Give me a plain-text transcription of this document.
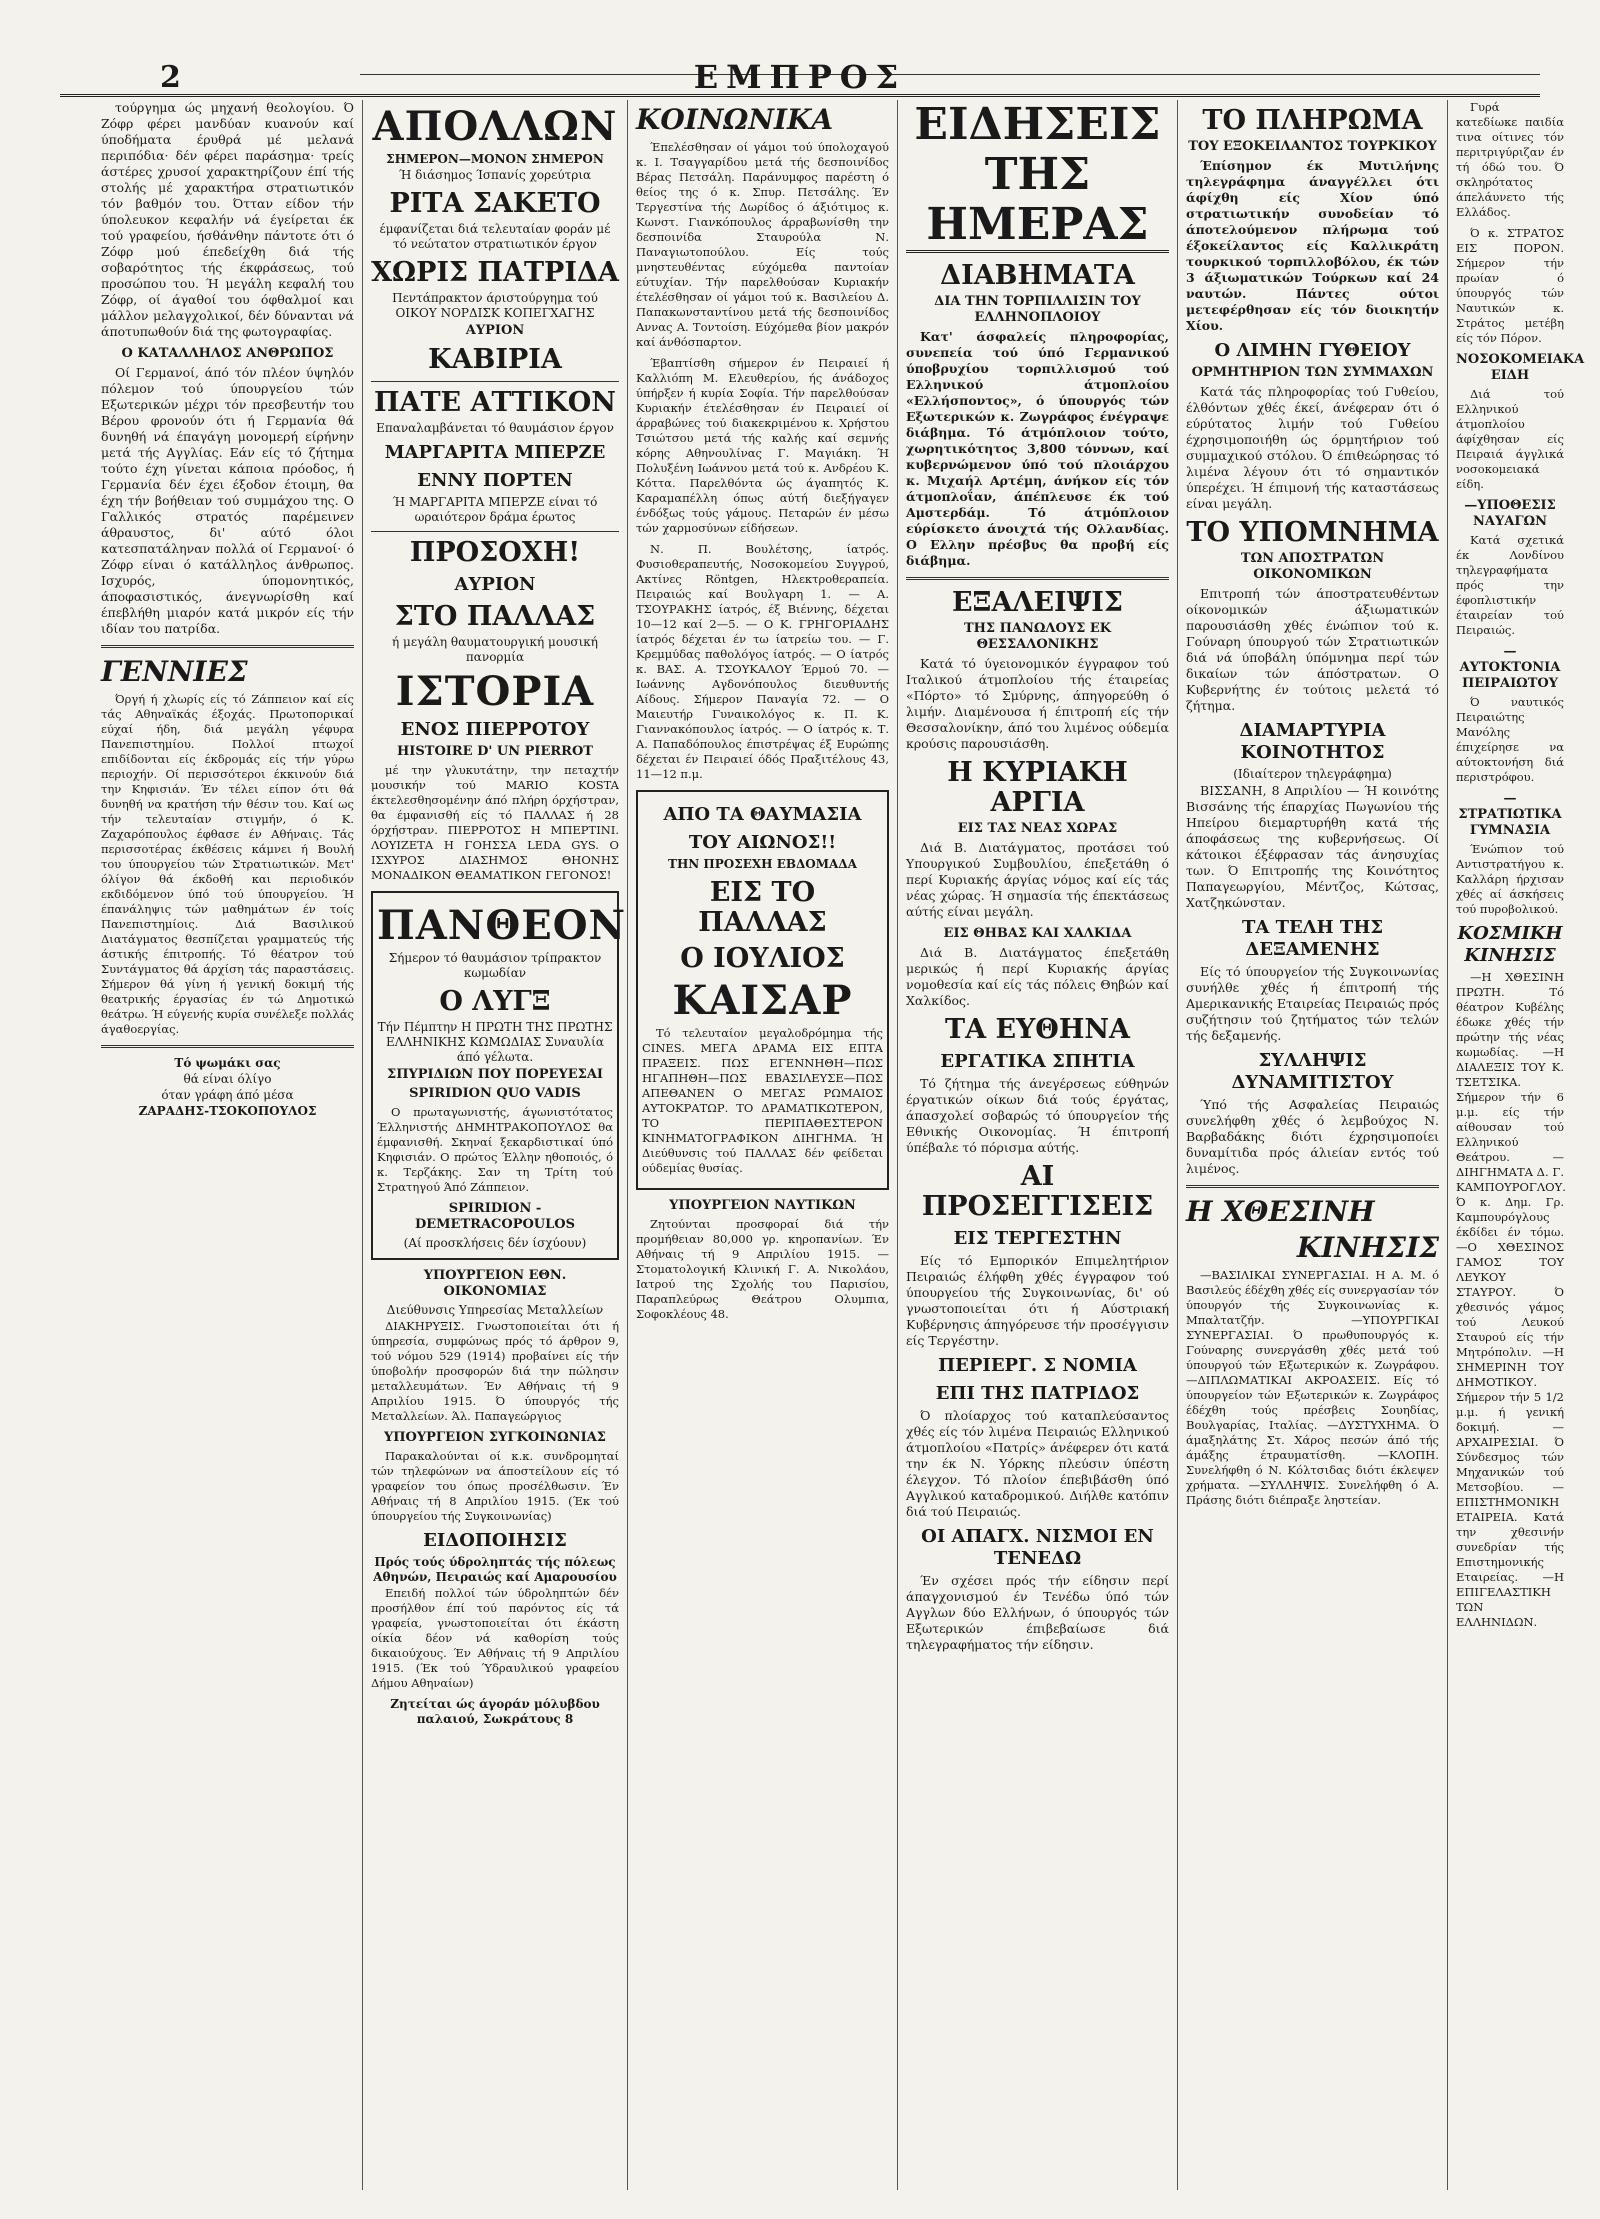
2	ΕΜΠΡΟΣ

τούργημα ώς μηχανή θεολογίου. Ό Ζόφρ φέρει μανδύαν κυανούν καί ύποδήματα έρυθρά μέ μελανά περιπόδια· δέν φέρει παράσημα· τρείς άστέρες χρυσοί χαρακτηρίζουν έπί τής στολής μέ χαρακτήρα στρατιωτικόν τόν βαθμόν του. Ότταν είδον τήν ύπολευκον κεφαλήν νά έγείρεται έκ τού γραφείου, ήσθάνθην πάντοτε ότι ό Ζόφρ μού έπεδείχθη διά τής σοβαρότητος τής έκφράσεως, τού προσώπου του. Ή μεγάλη κεφαλή του Ζόφρ, οί άγαθοί του όφθαλμοί και μάλλον μελαγχολικοί, δέν δύνανται νά άποτυπωθούν διά της φωτογραφίας.

Ο ΚΑΤΑΛΛΗΛΟΣ ΑΝΘΡΩΠΟΣ

Οί Γερμανοί, άπό τόν πλέον ύψηλόν πόλεμον τού ύπουργείου τών Εξωτερικών μέχρι τόν πρεσβευτήν του Βέρου φρονούν ότι ή Γερμανία θά δυνηθή νά έπαγάγη μονομερή είρήνην μετά τής Αγγλίας. Εάν είς τό ζήτημα τούτο έχη γίνεται κάποια πρόοδος, ή Γερμανία δέν έχει έξοδον έτοιμη, θα έχη τήν βοήθειαν τού συμμάχου της. Ο Γαλλικός στρατός παρέμεινεν άθραυστος, δι' αύτό όλοι κατεσπατάληναν πολλά οί Γερμανοί· ό Ζόφρ είναι ό κατάλληλος άνθρωπος. Ισχυρός, ύπομονητικός, άποφασιστικός, άνεγνωρίσθη καί έπεβλήθη μιαρόν κατά μικρόν είς τήν ιδίαν του πατρίδα.

ΓΕΝΝΙΕΣ

Όργή ή χλωρίς είς τό Ζάππειον καί είς τάς Αθηναϊκάς έξοχάς. Πρωτοπορικαί εύχαί ήδη, διά μεγάλη γέφυρα Πανεπιστημίου. Πολλοί πτωχοί επιδίδονται είς έκδρομάς είς τήν γύρω περιοχήν. Οί περισσότεροι έκκινούν διά την Κηφισιάν. Έν τέλει είπον ότι θά δυνηθή να κρατήση τήν θέσιν του. Καί ως τήν τελευταίαν στιγμήν, ό Κ. Ζαχαρόπουλος έφθασε έν Αθήναις. Τάς περισσοτέρας έκθέσεις κάμνει ή Βουλή του ύπουργείου τών Στρατιωτικών. Μετ' όλίγον θά έκδοθή και περιοδικόν εκδιδόμενον ύπό τού ύπουργείου. Ή έπανάληψις τών μαθημάτων έν τοίς Πανεπιστημίοις. Διά Βασιλικού Διατάγματος θεσπίζεται γραμματεύς τής άστικής έπιτροπής. Τό θέατρον τού Συντάγματος θά άρχίση τάς παραστάσεις. Σήμερον θά γίνη ή γενική δοκιμή τής θεατρικής έργασίας έν τώ Δημοτικώ θεάτρω. Ή εύγενής κυρία συνέλεξε πολλάς άγαθοεργίας.

Τό ψωμάκι σας
θά είναι όλίγο
όταν γράφη άπό μέσα
ΖΑΡΑΔΗΣ-ΤΣΟΚΟΠΟΥΛΟΣ
ΑΠΟΛΛΩΝ
ΣΗΜΕΡΟΝ—ΜΟΝΟΝ ΣΗΜΕΡΟΝ
Ή διάσημος Ίσπανίς χορεύτρια
ΡΙΤΑ ΣΑΚΕΤΟ
έμφανίζεται διά τελευταίαν φοράν μέ τό νεώτατον στρατιωτικόν έργον
ΧΩΡΙΣ ΠΑΤΡΙΔΑ
Πεντάπρακτον άριστούργημα τού ΟΙΚΟΥ ΝΟΡΔΙΣΚ ΚΟΠΕΓΧΑΓΗΣ
ΑΥΡΙΟΝ
ΚΑΒΙΡΙΑ
ΠΑΤΕ ΑΤΤΙΚΟΝ
Επαναλαμβάνεται τό θαυμάσιον έργον
ΜΑΡΓΑΡΙΤΑ ΜΠΕΡΖΕ
ΕΝΝΥ ΠΟΡΤΕΝ
Ή ΜΑΡΓΑΡΙΤΑ ΜΠΕΡΖΕ είναι τό ωραιότερον δράμα έρωτος
ΠΡΟΣΟΧΗ!
ΑΥΡΙΟΝ
ΣΤΟ ΠΑΛΛΑΣ
ή μεγάλη θαυματουργική μουσική πανορμία
ΙΣΤΟΡΙΑ
ΕΝΟΣ ΠΙΕΡΡΟΤΟΥ
HISTOIRE D' UN PIERROT

μέ την γλυκυτάτην, την πεταχτήν μουσικήν τού MARIO KOSTA έκτελεσθησομένην άπό πλήρη όρχήστραν, θα έμφανισθή είς τό ΠΑΛΛΑΣ ή 28 όρχήστραν. ΠΙΕΡΡΟΤΟΣ Η ΜΠΕΡΤΙΝΙ. ΛΟΥΙΖΕΤΑ Η ΓΟΗΣΣΑ LEDA GYS. Ο ΙΣΧΥΡΟΣ ΔΙΑΣΗΜΟΣ ΘΗΟΝΗΣ ΜΟΝΑΔΙΚΟΝ ΘΕΑΜΑΤΙΚΟΝ ΓΕΓΟΝΟΣ!

ΠΑΝΘΕΟΝ
Σήμερον τό θαυμάσιον τρίπρακτον κωμωδίαν
Ο ΛΥΓΞ
Τήν Πέμπτην Η ΠΡΩΤΗ ΤΗΣ ΠΡΩΤΗΣ ΕΛΛΗΝΙΚΗΣ ΚΩΜΩΔΙΑΣ Συναυλία άπό γέλωτα.
ΣΠΥΡΙΔΙΩΝ ΠΟΥ ΠΟΡΕΥΕΣΑΙ
SPIRIDION QUO VADIS

Ο πρωταγωνιστής, άγωνιστότατος Έλληνιστής ΔΗΜΗΤΡΑΚΟΠΟΥΛΟΣ θα έμφανισθή. Σκηναί ξεκαρδιστικαί ύπό Κηφισιάν. Ο πρώτος Έλλην ηθοποιός, ό κ. Τερζάκης. Σαν τη Τρίτη τού Στρατηγού Άπό Ζάππειον.

SPIRIDION - DEMETRACOPOULOS
(Αί προσκλήσεις δέν ίσχύουν)
ΥΠΟΥΡΓΕΙΟΝ ΕΘΝ. ΟΙΚΟΝΟΜΙΑΣ
Διεύθυνσις Υπηρεσίας Μεταλλείων

ΔΙΑΚΗΡΥΞΙΣ. Γνωστοποιείται ότι ή ύπηρεσία, συμφώνως πρός τό άρθρον 9, τού νόμου 529 (1914) προβαίνει είς τήν ύποβολήν προσφορών διά την πώλησιν μεταλλευμάτων. Έν Αθήναις τή 9 Απριλίου 1915. Ό ύπουργός τής Μεταλλείων. Άλ. Παπαγεώργιος

ΥΠΟΥΡΓΕΙΟΝ ΣΥΓΚΟΙΝΩΝΙΑΣ

Παρακαλούνται οί κ.κ. συνδρομηταί τών τηλεφώνων να άποστείλουν είς τό γραφείον του όπως προσέλθωσιν. Έν Αθήναις τή 8 Απριλίου 1915. (Έκ τού ύπουργείου τής Συγκοινωνίας)

ΕΙΔΟΠΟΙΗΣΙΣ
Πρός τούς ύδροληπτάς τής πόλεως Αθηνών, Πειραιώς καί Αμαρουσίου

Επειδή πολλοί τών ύδροληπτών δέν προσήλθον έπί τού παρόντος είς τά γραφεία, γνωστοποιείται ότι έκάστη οίκία δέον νά καθορίση τούς δικαιούχους. Έν Αθήναις τή 9 Απριλίου 1915. (Έκ τού Ύδραυλικού γραφείου Δήμου Αθηναίων)

Ζητείται ώς άγοράν μόλυβδου παλαιού, Σωκράτους 8
ΚΟΙΝΩΝΙΚΑ

Έπελέσθησαν οί γάμοι τού ύπολοχαγού κ. Ι. Τσαγγαρίδου μετά τής δεσποινίδος Βέρας Πετσάλη. Παράνυμφος παρέστη ό θείος της ό κ. Σπυρ. Πετσάλης. Έν Τεργεστίνα τής Δωρίδος ό άξιότιμος κ. Κωνστ. Γιανκόπουλος άρραβωνίσθη την δεσποινίδα Σταυρούλα Ν. Παναγιωτοπούλου. Είς τούς μνηστευθέντας εύχόμεθα παντοίαν εύτυχίαν. Τήν παρελθούσαν Κυριακήν έτελέσθησαν οί γάμοι τού κ. Βασιλείου Δ. Παπακωνσταντίνου μετά τής δεσποινίδος Αννας Α. Τοντοίση. Εύχόμεθα βίον μακρόν καί άνθόσπαρτον.

Έβαπτίσθη σήμερον έν Πειραιεί ή Καλλιόπη Μ. Ελευθερίου, ής άνάδοχος ύπήρξεν ή κυρία Σοφία. Τήν παρελθούσαν Κυριακήν έτελέσθησαν έν Πειραιεί οί άρραβώνες τού διακεκριμένου κ. Χρήστου Τσιώτσου μετά τής καλής καί σεμνής κόρης Αθηνουλίνας Γ. Μαγιάκη. Ή Πολυξένη Ιωάννου μετά τού κ. Ανδρέου Κ. Κόττα. Παρελθόντα ώς άγαπητός Κ. Καραμαπέλλη όπως αύτή διεξήγαγεν ένδόξως τούς γάμους. Πεταρών έν μέσω τών χαρμοσύνων είδήσεων.

Ν. Π. Βουλέτσης, ίατρός. Φυσιοθεραπευτής, Νοσοκομείου Συγγρού, Ακτίνες Röntgen, Ηλεκτροθεραπεία. Πειραιώς καί Βουλγαρη 1. — Α. ΤΣΟΥΡΑΚΗΣ ίατρός, έξ Βιέννης, δέχεται 10—12 καί 2—5. — Ο Κ. ΓΡΗΓΟΡΙΑΔΗΣ ίατρός δέχεται έν τω ίατρείω του. — Γ. Κρεμμύδας παθολόγος ίατρός. — Ο ίατρός κ. ΒΑΣ. Α. ΤΣΟΥΚΑΛΟΥ Έρμού 70. — Ιωάννης Αγδονόπουλος διευθυντής Αίδους. Σήμερον Παναγία 72. — Ο Μαιευτήρ Γυναικολόγος κ. Π. Κ. Γιαννακόπουλος ίατρός. — Ο ίατρός κ. Τ. Α. Παπαδόπουλος έπιστρέψας έξ Ευρώπης δέχεται έν Πειραιεί όδός Πραξιτέλους 43, 11—12 π.μ.

ΑΠΟ ΤΑ ΘΑΥΜΑΣΙΑ
ΤΟΥ ΑΙΩΝΟΣ!!
ΤΗΝ ΠΡΟΣΕΧΗ ΕΒΔΟΜΑΔΑ
ΕΙΣ ΤΟ ΠΑΛΛΑΣ
Ο ΙΟΥΛΙΟΣ
ΚΑΙΣΑΡ

Τό τελευταίον μεγαλοδρόμημα τής CINES. ΜΕΓΑ ΔΡΑΜΑ ΕΙΣ ΕΠΤΑ ΠΡΑΞΕΙΣ. ΠΩΣ ΕΓΕΝΝΗΘΗ—ΠΩΣ ΗΓΑΠΗΘΗ—ΠΩΣ ΕΒΑΣΙΛΕΥΣΕ—ΠΩΣ ΑΠΕΘΑΝΕΝ Ο ΜΕΓΑΣ ΡΩΜΑΙΟΣ ΑΥΤΟΚΡΑΤΩΡ. ΤΟ ΔΡΑΜΑΤΙΚΩΤΕΡΟΝ, ΤΟ ΠΕΡΙΠΑΘΕΣΤΕΡΟΝ ΚΙΝΗΜΑΤΟΓΡΑΦΙΚΟΝ ΔΙΗΓΗΜΑ. Ή Διεύθυνσις τού ΠΑΛΛΑΣ δέν φείδεται ούδεμίας θυσίας.

ΥΠΟΥΡΓΕΙΟΝ ΝΑΥΤΙΚΩΝ

Ζητούνται προσφοραί διά τήν προμήθειαν 80,000 γρ. κηροπανίων. Έν Αθήναις τή 9 Απριλίου 1915. — Στοματολογική Κλινική Γ. Α. Νικολάου, Ιατρού της Σχολής του Παρισίου, Παραπλεύρως Θεάτρου Ολυμπια, Σοφοκλέους 48.

ΕΙΔΗΣΕΙΣ ΤΗΣ ΗΜΕΡΑΣ
ΔΙΑΒΗΜΑΤΑ
ΔΙΑ ΤΗΝ ΤΟΡΠΙΛΛΙΣΙΝ ΤΟΥ ΕΛΛΗΝΟΠΛΟΙΟΥ

Κατ' άσφαλείς πληροφορίας, συνεπεία τού ύπό Γερμανικού ύποβρυχίου τορπιλλισμού τού Ελληνικού άτμοπλοίου «Ελλήσποντος», ό ύπουργός τών Εξωτερικών κ. Ζωγράφος ένέγραψε διάβημα. Τό άτμόπλοιον τούτο, χωρητικότητος 3,800 τόννων, καί κυβερνώμενον ύπό τού πλοιάρχου κ. Μιχαήλ Αρτέμη, άνήκον είς τόν άτμοπλοΐαν, άπέπλευσε έκ τού Αμστερδάμ. Τό άτμόπλοιον εύρίσκετο άνοιχτά τής Ολλανδίας. Ο Ελλην πρέσβυς θα προβή είς διάβημα.

ΕΞΑΛΕΙΨΙΣ
ΤΗΣ ΠΑΝΩΛΟΥΣ ΕΚ ΘΕΣΣΑΛΟΝΙΚΗΣ

Κατά τό ύγειονομικόν έγγραφον τού Ιταλικού άτμοπλοίου τής έταιρείας «Πόρτο» τό Σμύρνης, άπηγορεύθη ό λιμήν. Διαμένουσα ή έπιτροπή είς τήν Θεσσαλονίκην, άπό του λιμένος ούδεμία κρούσις παρουσιάσθη.

Η ΚΥΡΙΑΚΗ ΑΡΓΙΑ
ΕΙΣ ΤΑΣ ΝΕΑΣ ΧΩΡΑΣ

Διά Β. Διατάγματος, προτάσει τού Υπουργικού Συμβουλίου, έπεξετάθη ό περί Κυριακής άργίας νόμος καί είς τάς νέας χώρας. Ή σημασία τής έπεκτάσεως αύτής είναι μεγάλη.

ΕΙΣ ΘΗΒΑΣ ΚΑΙ ΧΑΛΚΙΔΑ

Διά Β. Διατάγματος έπεξετάθη μερικώς ή περί Κυριακής άργίας νομοθεσία καί είς τάς πόλεις Θηβών καί Χαλκίδος.

ΤΑ ΕΥΘΗΝΑ
ΕΡΓΑΤΙΚΑ ΣΠΗΤΙΑ

Τό ζήτημα τής άνεγέρσεως εύθηνών έργατικών οίκων διά τούς έργάτας, άπασχολεί σοβαρώς τό ύπουργείον τής Εθνικής Οικονομίας. Ή έπιτροπή ύπέβαλε τό πόρισμα αύτής.

ΑΙ ΠΡΟΣΕΓΓΙΣΕΙΣ
ΕΙΣ ΤΕΡΓΕΣΤΗΝ

Είς τό Εμπορικόν Επιμελητήριον Πειραιώς έλήφθη χθές έγγραφον τού ύπουργείου τής Συγκοινωνίας, δι' ού γνωστοποιείται ότι ή Αύστριακή Κυβέρνησις άπηγόρευσε τήν προσέγγισιν είς Τεργέστην.

ΠΕΡΙΕΡΓ. Σ ΝΟΜΙΑ
ΕΠΙ ΤΗΣ ΠΑΤΡΙΔΟΣ

Ό πλοίαρχος τού καταπλεύσαντος χθές είς τόν λιμένα Πειραιώς Ελληνικού άτμοπλοίου «Πατρίς» άνέφερεν ότι κατά την έκ Ν. Υόρκης πλεύσιν ύπέστη έλεγχον. Τό πλοίον έπεβιβάσθη ύπό Αγγλικού καταδρομικού. Διήλθε κατόπιν διά τού Πειραιώς.

ΟΙ ΑΠΑΓΧ. ΝΙΣΜΟΙ ΕΝ ΤΕΝΕΔΩ

Έν σχέσει πρός τήν είδησιν περί άπαγχονισμού έν Τενέδω ύπό τών Αγγλων δύο Ελλήνων, ό ύπουργός τών Εξωτερικών έπιβεβαίωσε διά τηλεγραφήματος τήν είδησιν.

ΤΟ ΠΛΗΡΩΜΑ
ΤΟΥ ΕΞΟΚΕΙΛΑΝΤΟΣ ΤΟΥΡΚΙΚΟΥ

Έπίσημον έκ Μυτιλήνης τηλεγράφημα άναγγέλλει ότι άφίχθη είς Χίον ύπό στρατιωτικήν συνοδείαν τό άποτελούμενον πλήρωμα τού έξοκείλαντος είς Καλλικράτη τουρκικού τορπιλλοβόλου, έκ τών 3 άξιωματικών Τούρκων καί 24 ναυτών. Πάντες ούτοι μετεφέρθησαν είς τόν διοικητήν Χίου.

Ο ΛΙΜΗΝ ΓΥΘΕΙΟΥ
ΟΡΜΗΤΗΡΙΟΝ ΤΩΝ ΣΥΜΜΑΧΩΝ

Κατά τάς πληροφορίας τού Γυθείου, έλθόντων χθές έκεί, άνέφεραν ότι ό εύρύτατος λιμήν τού Γυθείου έχρησιμοποιήθη ώς όρμητήριον τού συμμαχικού στόλου. Ό έπιθεώρησας τό λιμένα λέγουν ότι τό σημαντικόν ύπερέχει. Ή έπιμονή τής καταστάσεως είναι μεγάλη.

ΤΟ ΥΠΟΜΝΗΜΑ
ΤΩΝ ΑΠΟΣΤΡΑΤΩΝ ΟΙΚΟΝΟΜΙΚΩΝ

Επιτροπή τών άποστρατευθέντων οίκονομικών άξιωματικών παρουσιάσθη χθές ένώπιον τού κ. Γούναρη ύπουργού τών Στρατιωτικών διά νά ύποβάλη ύπόμνημα περί τών δικαίων τών άπόστρατων. Ο Κυβερνήτης έν τούτοις μελετά τό ζήτημα.

ΔΙΑΜΑΡΤΥΡΙΑ ΚΟΙΝΟΤΗΤΟΣ
(Ιδιαίτερον τηλεγράφημα)

ΒΙΣΣΑΝΗ, 8 Απριλίου — Ή κοινότης Βισσάνης τής έπαρχίας Πωγωνίου τής Ηπείρου διεμαρτυρήθη κατά τής άποφάσεως της κυβερνήσεως. Οί κάτοικοι έξέφρασαν τάς άνησυχίας των. Ό Επιτροπής της Κοινότητος Παπαγεωργίου, Μέντζος, Κώτσας, Χατζηκώνσταν.

ΤΑ ΤΕΛΗ ΤΗΣ ΔΕΞΑΜΕΝΗΣ

Είς τό ύπουργείον τής Συγκοινωνίας συνήλθε χθές ή έπιτροπή τής Αμερικανικής Εταιρείας Πειραιώς πρός συζήτησιν τού ζητήματος τών τελών τής δεξαμενής.

ΣΥΛΛΗΨΙΣ ΔΥΝΑΜΙΤΙΣΤΟΥ

Ύπό τής Ασφαλείας Πειραιώς συνελήφθη χθές ό λεμβούχος Ν. Βαρβαδάκης διότι έχρησιμοποίει δυναμίτιδα πρός άλιείαν εντός τού λιμένος.

Η ΧΘΕΣΙΝΗ
ΚΙΝΗΣΙΣ

—ΒΑΣΙΛΙΚΑΙ ΣΥΝΕΡΓΑΣΙΑΙ. Η Α. Μ. ό Βασιλεύς έδέχθη χθές είς συνεργασίαν τόν ύπουργόν τής Συγκοινωνίας κ. Μπαλτατζήν. —ΥΠΟΥΡΓΙΚΑΙ ΣΥΝΕΡΓΑΣΙΑΙ. Ό πρωθυπουργός κ. Γούναρης συνεργάσθη χθές μετά τού ύπουργού τών Εξωτερικών κ. Ζωγράφου. —ΔΙΠΛΩΜΑΤΙΚΑΙ ΑΚΡΟΑΣΕΙΣ. Είς τό ύπουργείον τών Εξωτερικών κ. Ζωγράφος έδέχθη τούς πρέσβεις Σουηδίας, Βουλγαρίας, Ιταλίας. —ΔΥΣΤΥΧΗΜΑ. Ό άμαξηλάτης Στ. Χάρος πεσών άπό τής άμάξης έτραυματίσθη. —ΚΛΟΠΗ. Συνελήφθη ό Ν. Κόλτσιδας διότι έκλεψεν χρήματα. —ΣΥΛΛΗΨΙΣ. Συνελήφθη ό Α. Πράσης διότι διέπραξε ληστείαν.

Γυρά κατεδίωκε παιδία τινα οίτινες τόν περιτριγύριζαν έν τή όδώ του. Ό σκληρότατος άπελάυνετο τής Ελλάδος.

Ό κ. ΣΤΡΑΤΟΣ ΕΙΣ ΠΟΡΟΝ. Σήμερον τήν πρωίαν ό ύπουργός τών Ναυτικών κ. Στράτος μετέβη είς τόν Πόρον.

ΝΟΣΟΚΟΜΕΙΑΚΑ ΕΙΔΗ

Διά τού Ελληνικού άτμοπλοίου άφίχθησαν είς Πειραιά άγγλικά νοσοκομειακά είδη.

—ΥΠΟΘΕΣΙΣ ΝΑΥΑΓΩΝ

Κατά σχετικά έκ Λονδίνου τηλεγραφήματα πρός την έφοπλιστικήν έταιρείαν τού Πειραιώς.

—ΑΥΤΟΚΤΟΝΙΑ ΠΕΙΡΑΙΩΤΟΥ

Ό ναυτικός Πειραιώτης Μανόλης έπιχείρησε να αύτοκτονήση διά περιστρόφου.

—ΣΤΡΑΤΙΩΤΙΚΑ ΓΥΜΝΑΣΙΑ

Ένώπιον τού Αντιστρατήγου κ. Καλλάρη ήρχισαν χθές αί άσκήσεις τού πυροβολικού.

ΚΟΣΜΙΚΗ ΚΙΝΗΣΙΣ

—Η ΧΘΕΣΙΝΗ ΠΡΩΤΗ. Τό θέατρον Κυβέλης έδωκε χθές τήν πρώτην τής νέας κωμωδίας. —Η ΔΙΑΛΕΞΙΣ ΤΟΥ Κ. ΤΣΕΤΣΙΚΑ. Σήμερον τήν 6 μ.μ. είς τήν αίθουσαν τού Ελληνικού Θεάτρου. —ΔΙΗΓΗΜΑΤΑ Δ. Γ. ΚΑΜΠΟΥΡΟΓΛΟΥ. Ό κ. Δημ. Γρ. Καμπουρόγλους έκδίδει έν τόμω. —Ο ΧΘΕΣΙΝΟΣ ΓΑΜΟΣ ΤΟΥ ΛΕΥΚΟΥ ΣΤΑΥΡΟΥ. Ό χθεσινός γάμος τού Λευκού Σταυρού είς τήν Μητρόπολιν. —Η ΣΗΜΕΡΙΝΗ ΤΟΥ ΔΗΜΟΤΙΚΟΥ. Σήμερον τήν 5 1/2 μ.μ. ή γενική δοκιμή. —ΑΡΧΑΙΡΕΣΙΑΙ. Ό Σύνδεσμος τών Μηχανικών τού Μετσοβίου. —ΕΠΙΣΤΗΜΟΝΙΚΗ ΕΤΑΙΡΕΙΑ. Κατά την χθεσινήν συνεδρίαν τής Επιστημονικής Εταιρείας. —Η ΕΠΙΓΕΛΑΣΤΙΚΗ ΤΩΝ ΕΛΛΗΝΙΔΩΝ.
